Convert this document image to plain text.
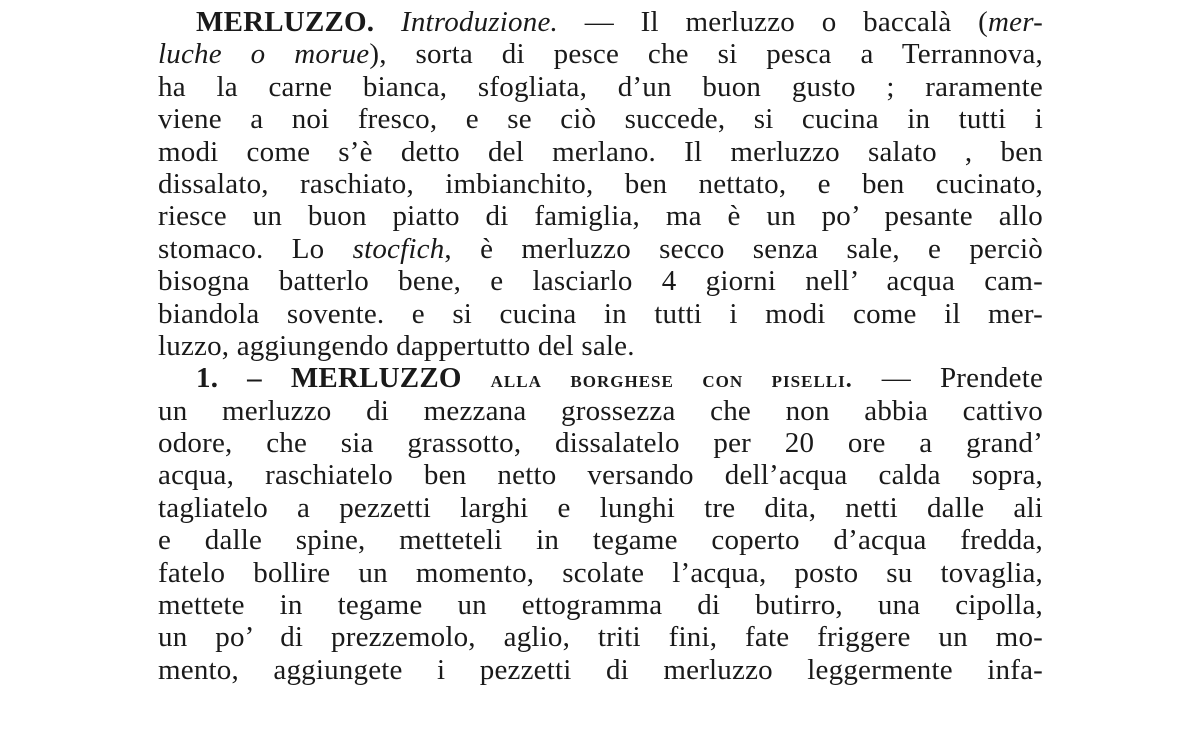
MERLUZZO. Introduzione. — Il merluzzo o baccalà (mer-
luche o morue), sorta di pesce che si pesca a Terrannova,
ha la carne bianca, sfogliata, d’un buon gusto ; raramente
viene a noi fresco, e se ciò succede, si cucina in tutti i
modi come s’è detto del merlano. Il merluzzo salato , ben
dissalato, raschiato, imbianchito, ben nettato, e ben cucinato,
riesce un buon piatto di famiglia, ma è un po’ pesante allo
stomaco. Lo stocfich, è merluzzo secco senza sale, e perciò
bisogna batterlo bene, e lasciarlo 4 giorni nell’ acqua cam-
biandola sovente. e si cucina in tutti i modi come il mer-
luzzo, aggiungendo dappertutto del sale.
1. – MERLUZZO alla borghese con piselli. — Prendete
un merluzzo di mezzana grossezza che non abbia cattivo
odore, che sia grassotto, dissalatelo per 20 ore a grand’
acqua, raschiatelo ben netto versando dell’acqua calda sopra,
tagliatelo a pezzetti larghi e lunghi tre dita, netti dalle ali
e dalle spine, metteteli in tegame coperto d’acqua fredda,
fatelo bollire un momento, scolate l’acqua, posto su tovaglia,
mettete in tegame un ettogramma di butirro, una cipolla,
un po’ di prezzemolo, aglio, triti fini, fate friggere un mo-
mento, aggiungete i pezzetti di merluzzo leggermente infa-
